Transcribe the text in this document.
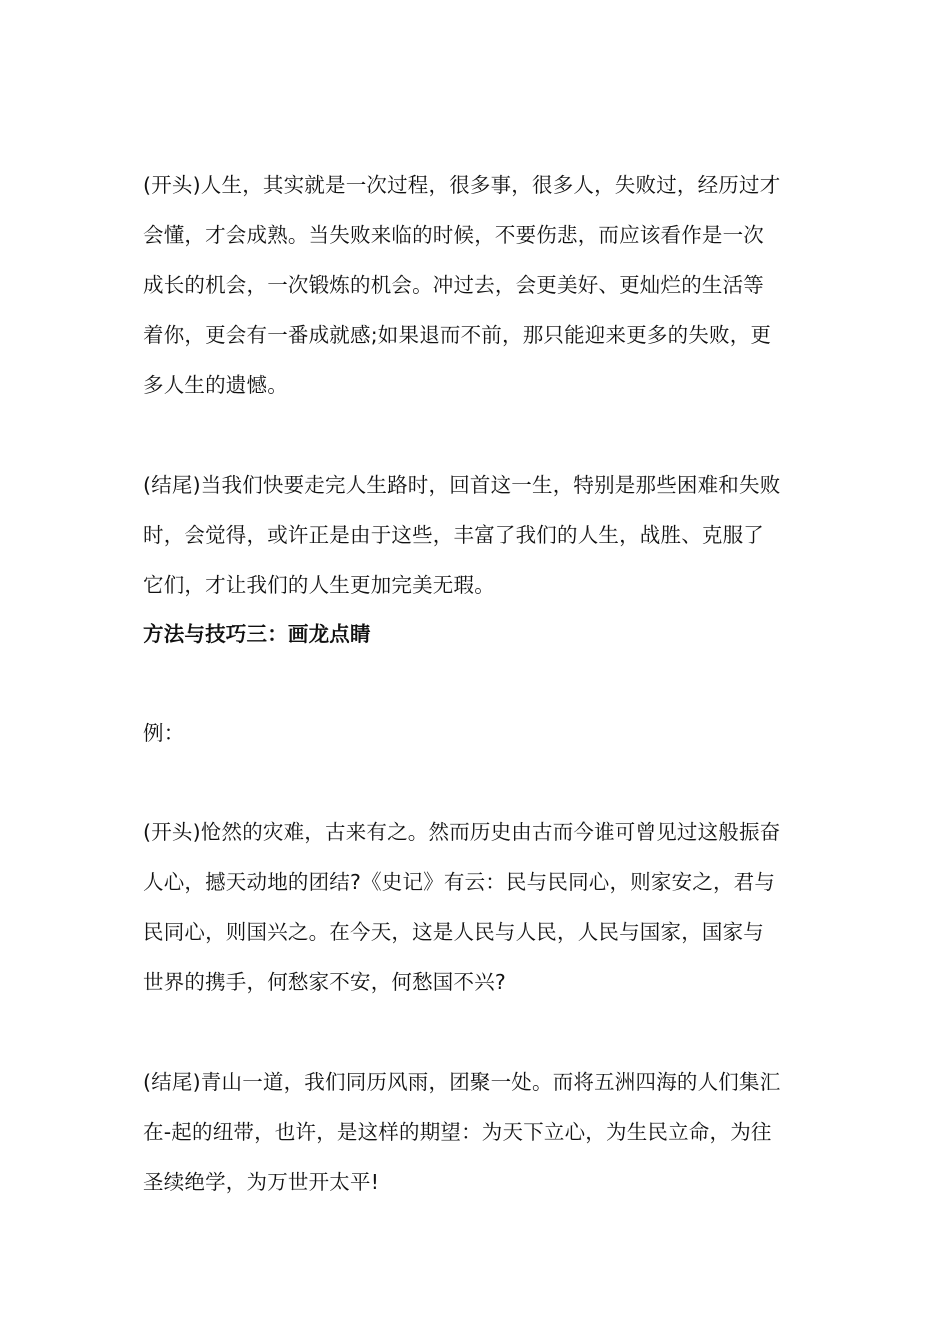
(开头)人生，其实就是一次过程，很多事，很多人，失败过，经历过才
会懂，才会成熟。当失败来临的时候，不要伤悲，而应该看作是一次
成长的机会，一次锻炼的机会。冲过去，会更美好、更灿烂的生活等
着你，更会有一番成就感;如果退而不前，那只能迎来更多的失败，更
多人生的遗憾。
(结尾)当我们快要走完人生路时，回首这一生，特别是那些困难和失败
时，会觉得，或许正是由于这些，丰富了我们的人生，战胜、克服了
它们，才让我们的人生更加完美无瑕。
方法与技巧三：画龙点睛
例：
(开头)怆然的灾难，古来有之。然而历史由古而今谁可曾见过这般振奋
人心，撼天动地的团结?《史记》有云：民与民同心，则家安之，君与
民同心，则国兴之。在今天，这是人民与人民，人民与国家，国家与
世界的携手，何愁家不安，何愁国不兴?
(结尾)青山一道，我们同历风雨，团聚一处。而将五洲四海的人们集汇
在-起的纽带，也许，是这样的期望：为天下立心，为生民立命，为往
圣续绝学，为万世开太平!
